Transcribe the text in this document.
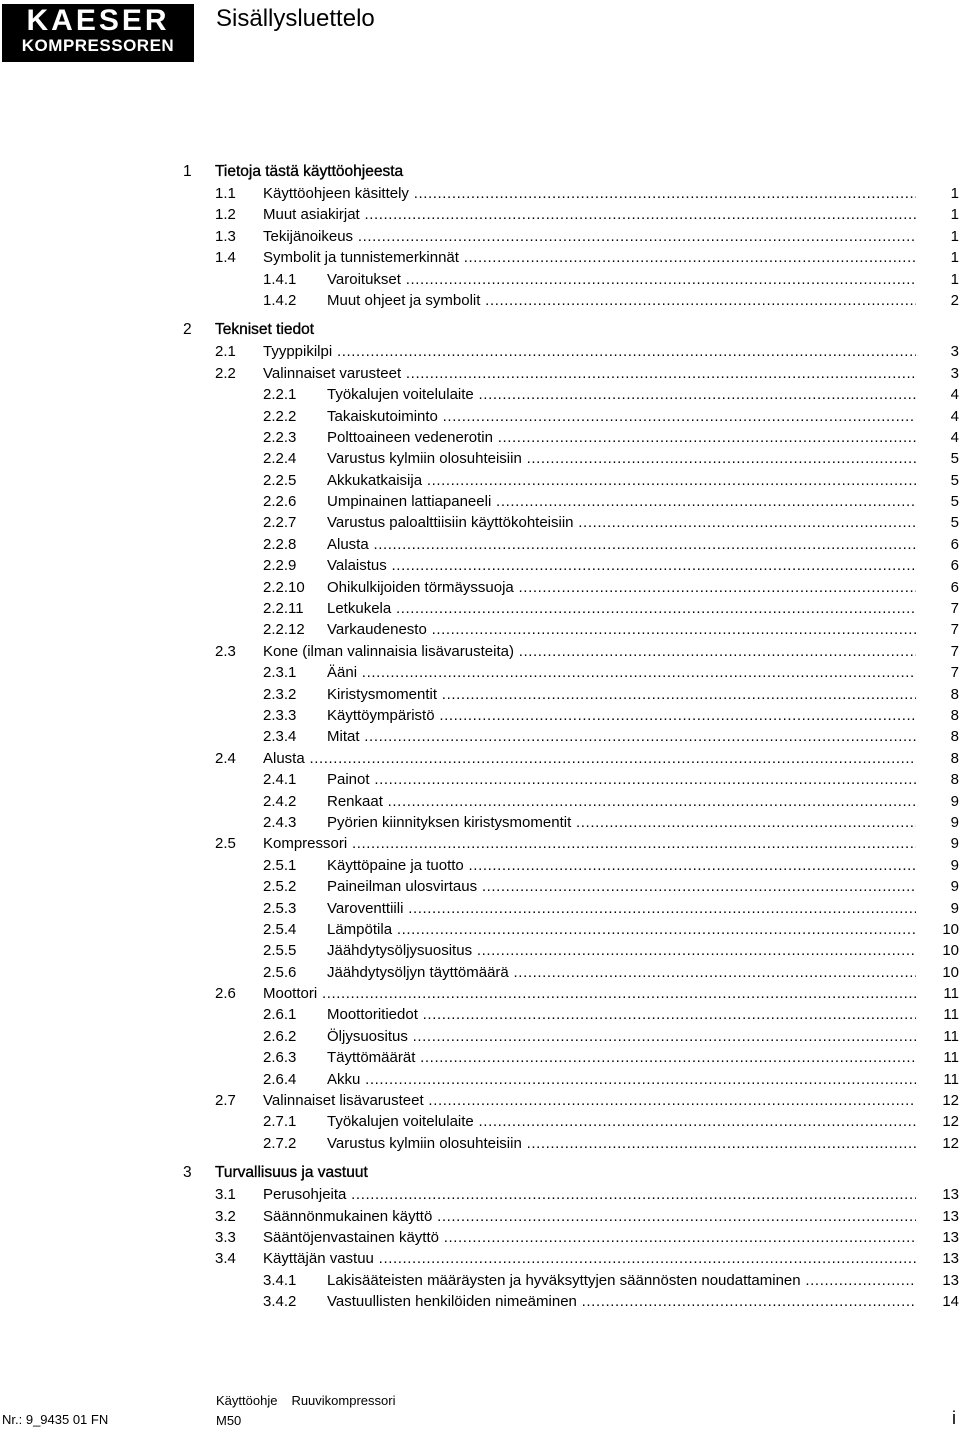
KAESER
KOMPRESSOREN
Sisällysluettelo
1 Tietoja tästä käyttöohjeesta
1.1 Käyttöohjeen käsittely .....	1
1.2 Muut asiakirjat .....	1
1.3 Tekijänoikeus .....	1
1.4 Symbolit ja tunnistemerkinnät .....	1
1.4.1 Varoitukset .....	1
1.4.2 Muut ohjeet ja symbolit .....	2
2 Tekniset tiedot
2.1 Tyyppikilpi .....	3
2.2 Valinnaiset varusteet .....	3
2.2.1 Työkalujen voitelulaite .....	4
2.2.2 Takaiskutoiminto .....	4
2.2.3 Polttoaineen vedenerotin .....	4
2.2.4 Varustus kylmiin olosuhteisiin .....	5
2.2.5 Akkukatkaisija .....	5
2.2.6 Umpinainen lattiapaneeli .....	5
2.2.7 Varustus paloalttiisiin käyttökohteisiin .....	5
2.2.8 Alusta .....	6
2.2.9 Valaistus .....	6
2.2.10 Ohikulkijoiden törmäyssuoja .....	6
2.2.11 Letkukela .....	7
2.2.12 Varkaudenesto .....	7
2.3 Kone (ilman valinnaisia lisävarusteita) .....	7
2.3.1 Ääni .....	7
2.3.2 Kiristysmomentit .....	8
2.3.3 Käyttöympäristö .....	8
2.3.4 Mitat .....	8
2.4 Alusta .....	8
2.4.1 Painot .....	8
2.4.2 Renkaat .....	9
2.4.3 Pyörien kiinnityksen kiristysmomentit .....	9
2.5 Kompressori .....	9
2.5.1 Käyttöpaine ja tuotto .....	9
2.5.2 Paineilman ulosvirtaus .....	9
2.5.3 Varoventtiili .....	9
2.5.4 Lämpötila .....	10
2.5.5 Jäähdytysöljysuositus .....	10
2.5.6 Jäähdytysöljyn täyttömäärä .....	10
2.6 Moottori .....	11
2.6.1 Moottoritiedot .....	11
2.6.2 Öljysuositus .....	11
2.6.3 Täyttömäärät .....	11
2.6.4 Akku .....	11
2.7 Valinnaiset lisävarusteet .....	12
2.7.1 Työkalujen voitelulaite .....	12
2.7.2 Varustus kylmiin olosuhteisiin .....	12
3 Turvallisuus ja vastuut
3.1 Perusohjeita .....	13
3.2 Säännönmukainen käyttö .....	13
3.3 Sääntöjenvastainen käyttö .....	13
3.4 Käyttäjän vastuu .....	13
3.4.1 Lakisääteisten määräysten ja hyväksyttyjen säännösten noudattaminen .....	13
3.4.2 Vastuullisten henkilöiden nimeäminen .....	14
Nr.: 9_9435 01 FN
Käyttöohje Ruuvikompressori
M50	i
